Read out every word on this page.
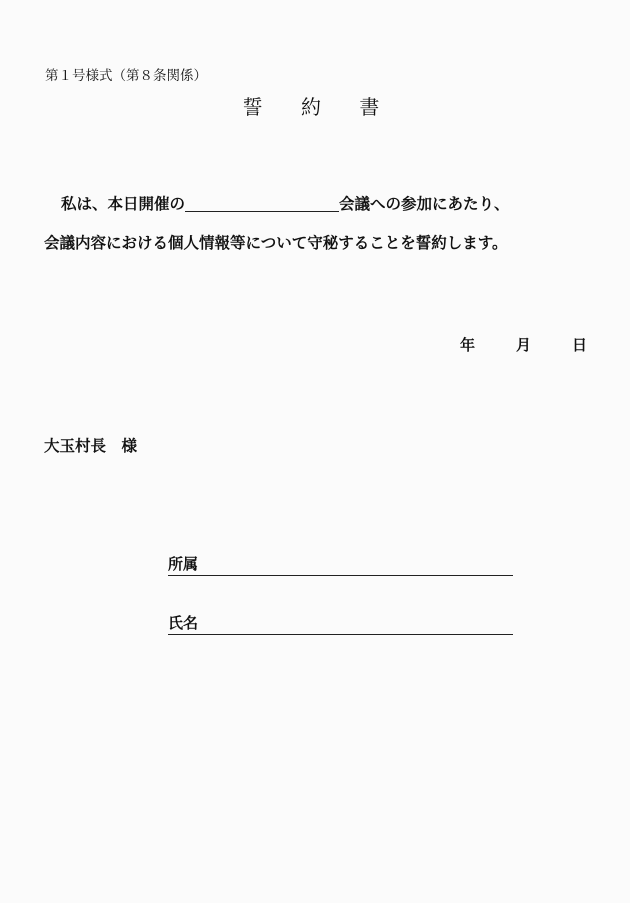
第１号様式（第８条関係）
誓 約 書
私は、本日開催の	会議への参加にあたり、
会議内容における個人情報等について守秘することを誓約します。
年	月	日
大玉村長　様
所属
氏名
